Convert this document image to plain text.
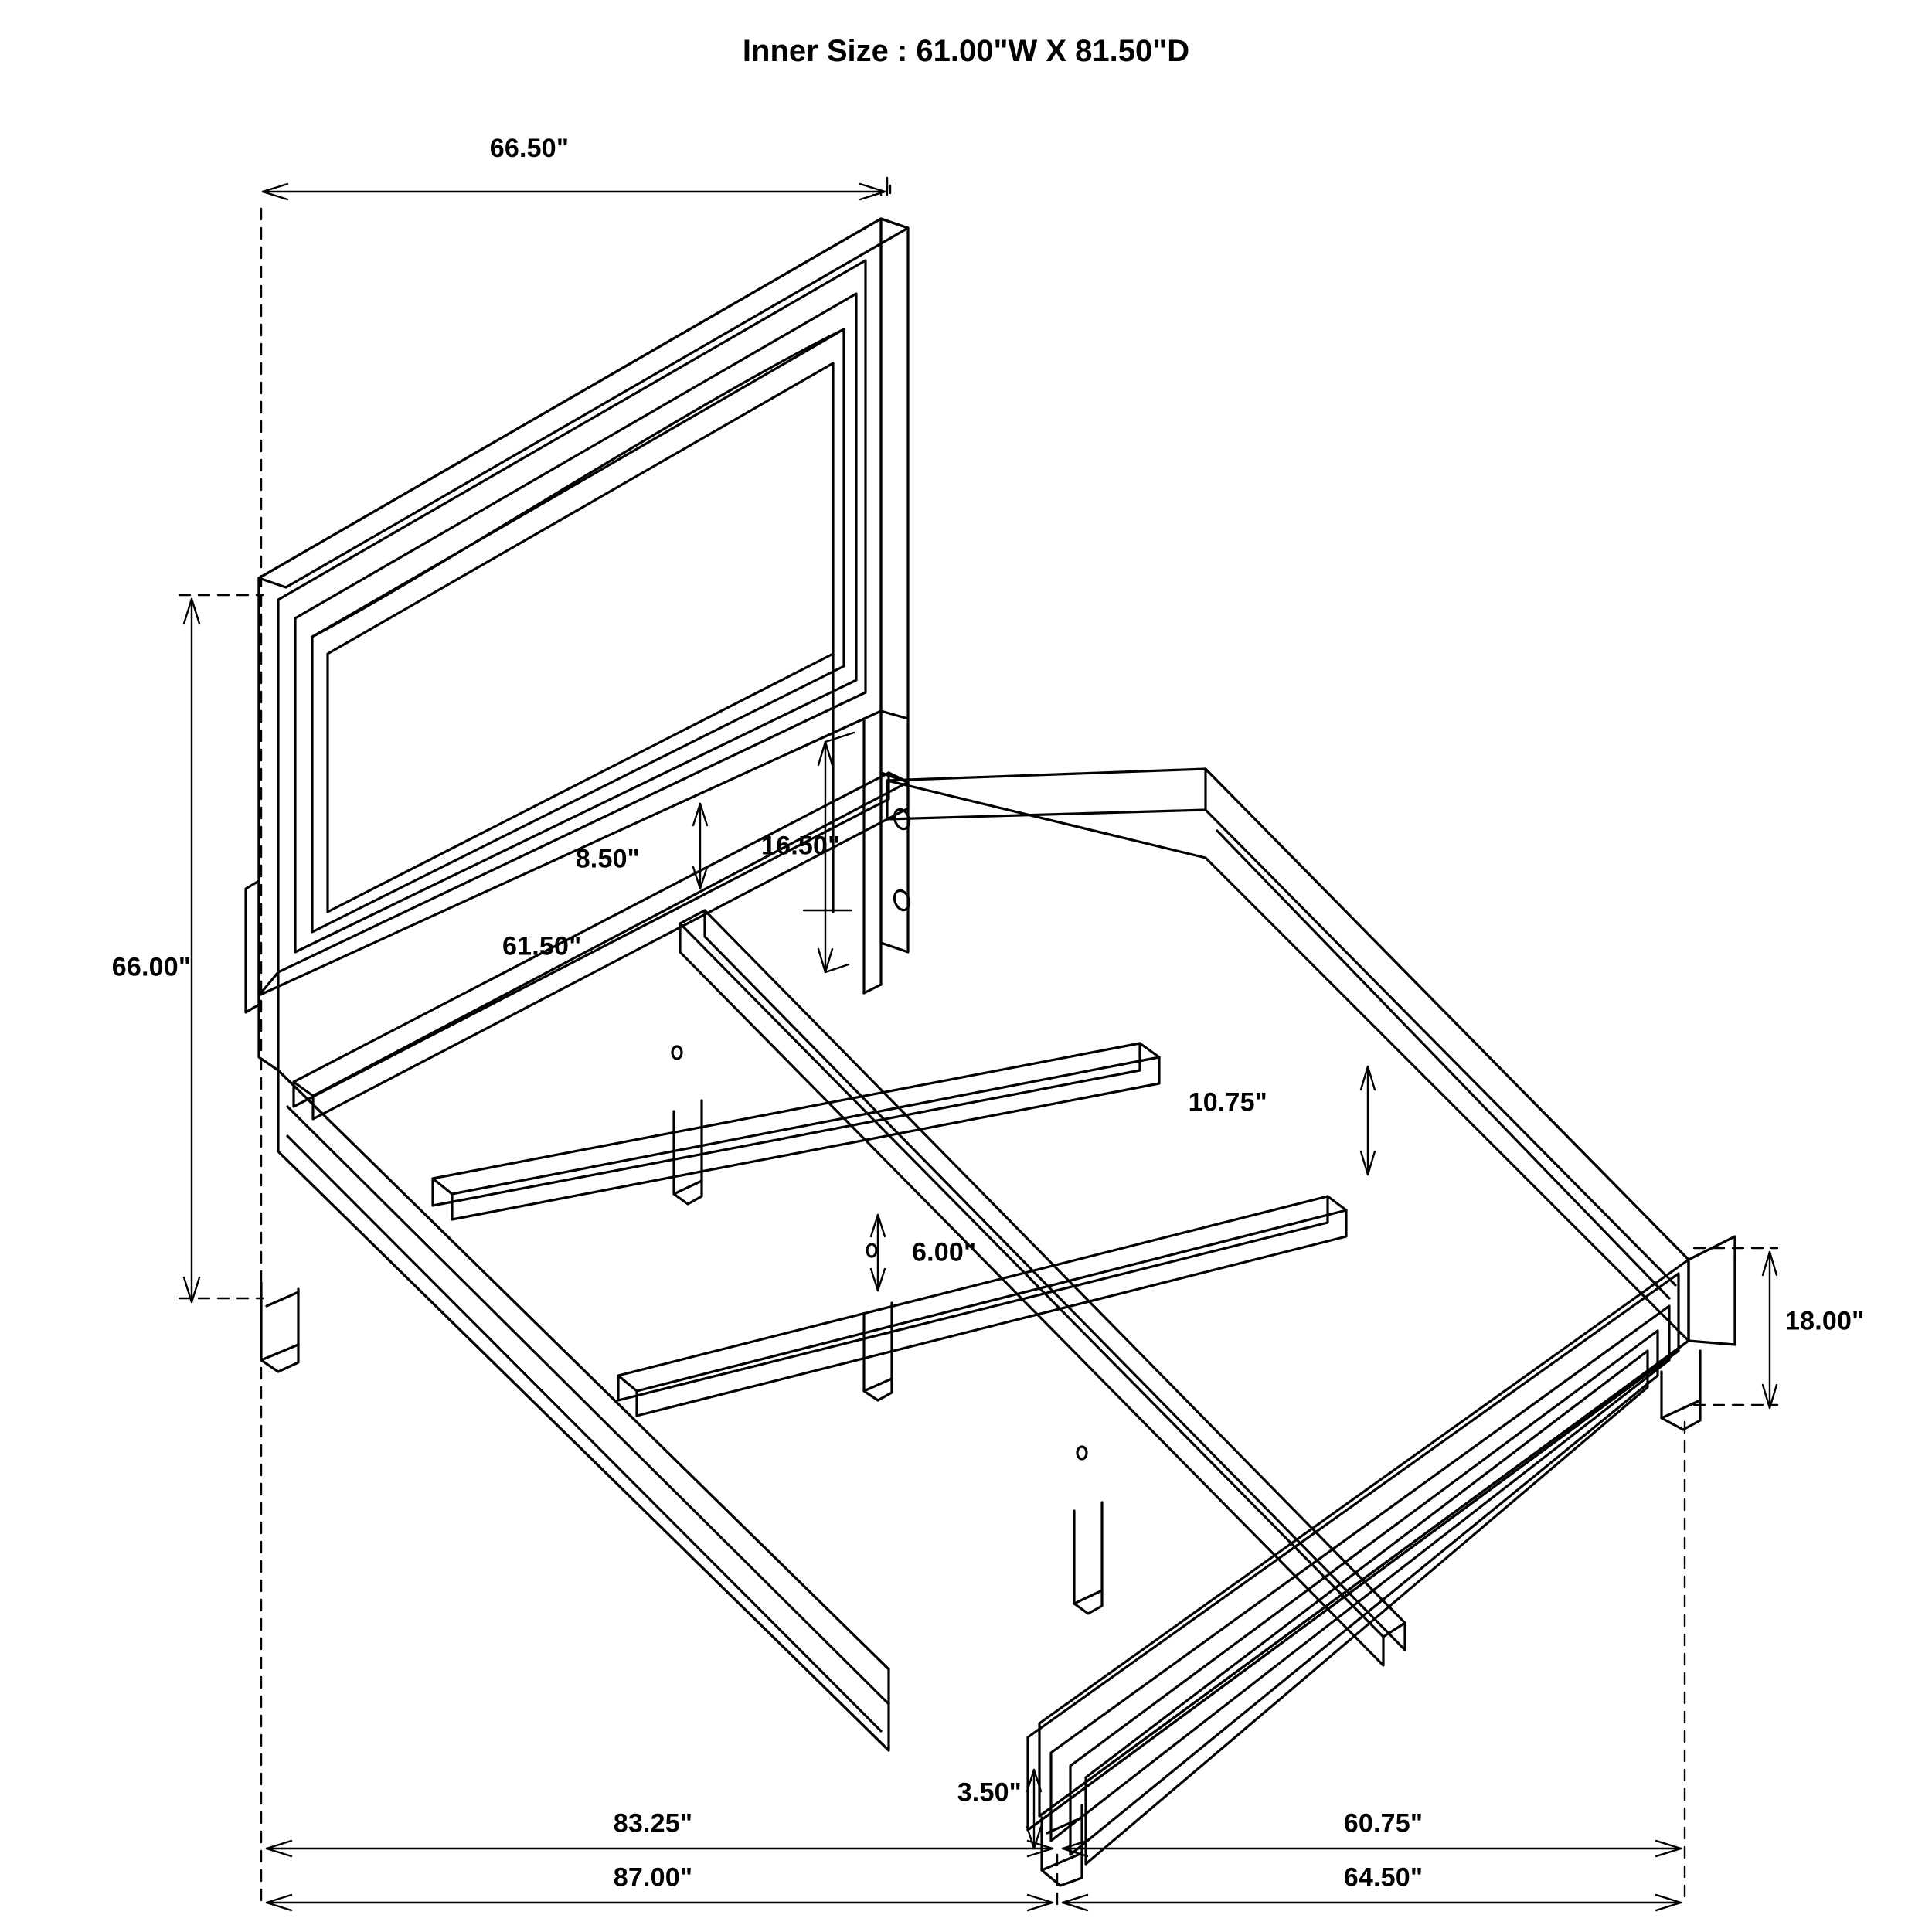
Inner Size : 61.00"W X 81.50"D
66.50"
66.00"
8.50"	16.50"
61.50"
10.75"
6.00"
18.00"
3.50"
83.25"	60.75"
87.00"	64.50"
